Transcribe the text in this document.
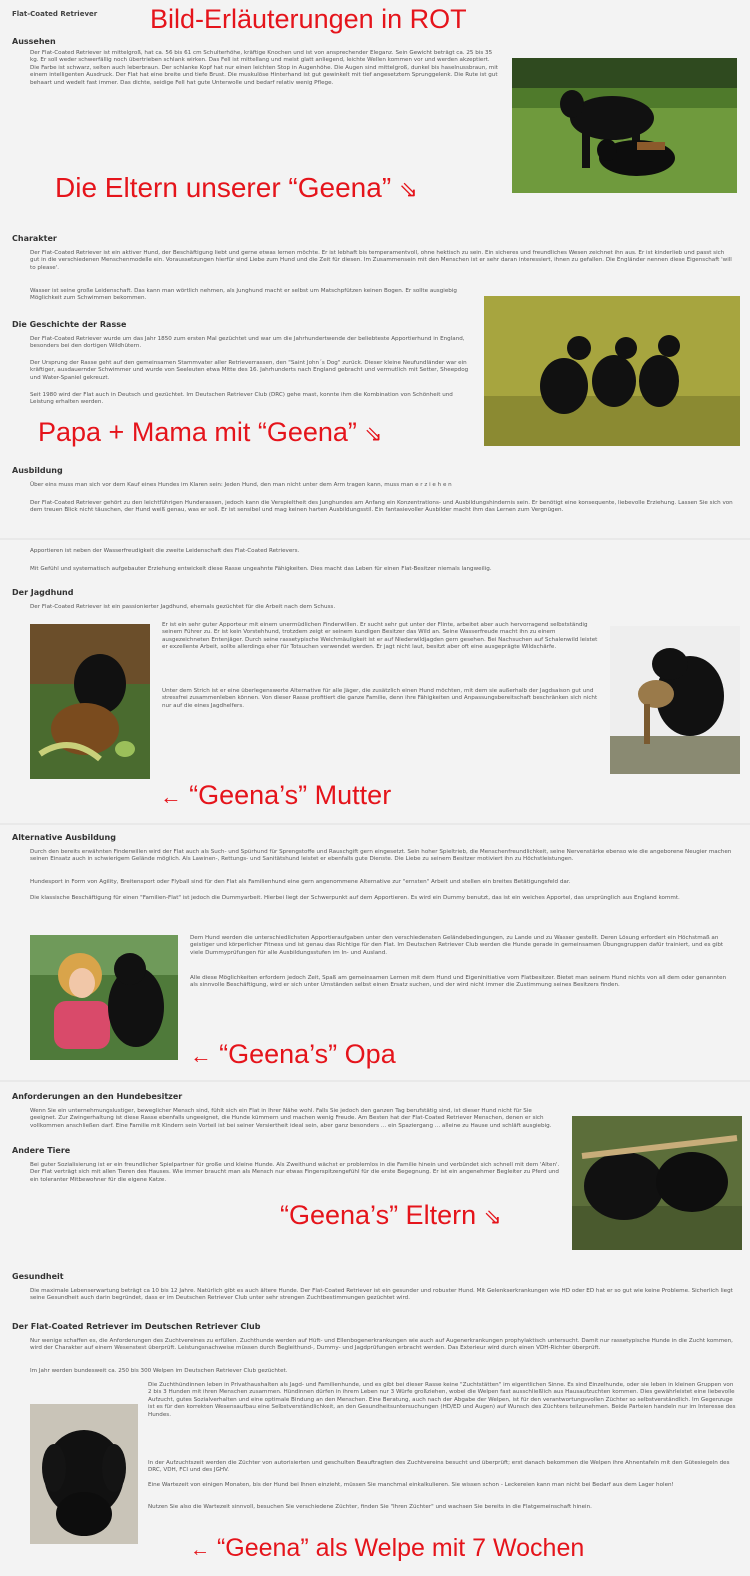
Flat-Coated Retriever Bild-Erläuterungen in ROT
Aussehen

Der Flat-Coated Retriever ist mittelgroß, hat ca. 56 bis 61 cm Schulterhöhe, kräftige Knochen und ist von ansprechender Eleganz. Sein Gewicht beträgt ca. 25 bis 35 kg. Er soll weder schwerfällig noch übertrieben schlank wirken. Das Fell ist mittellang und meist glatt anliegend, leichte Wellen kommen vor und werden akzeptiert. Die Farbe ist schwarz, selten auch leberbraun. Der schlanke Kopf hat nur einen leichten Stop in Augenhöhe. Die Augen sind mittelgroß, dunkel bis haselnussbraun, mit einem intelligenten Ausdruck. Der Flat hat eine breite und tiefe Brust. Die muskulöse Hinterhand ist gut gewinkelt mit tief angesetztem Sprunggelenk. Die Rute ist gut behaart und wedelt fast immer. Das dichte, seidige Fell hat gute Unterwolle und bedarf relativ wenig Pflege.

Die Eltern unserer “Geena” ⇘
Charakter

Der Flat-Coated Retriever ist ein aktiver Hund, der Beschäftigung liebt und gerne etwas lernen möchte. Er ist lebhaft bis temperamentvoll, ohne hektisch zu sein. Ein sicheres und freundliches Wesen zeichnet ihn aus. Er ist kinderlieb und passt sich gut in die verschiedenen Menschenmodelle ein. Voraussetzungen hierfür sind Liebe zum Hund und die Zeit für diesen. Im Zusammensein mit den Menschen ist er sehr daran interessiert, ihnen zu gefallen. Die Engländer nennen diese Eigenschaft 'will to please'.

Wasser ist seine große Leidenschaft. Das kann man wörtlich nehmen, als Junghund macht er selbst um Matschpfützen keinen Bogen. Er sollte ausgiebig Möglichkeit zum Schwimmen bekommen.

Die Geschichte der Rasse

Der Flat-Coated Retriever wurde um das Jahr 1850 zum ersten Mal gezüchtet und war um die Jahrhundertwende der beliebteste Apportierhund in England, besonders bei den dortigen Wildhütern.

Der Ursprung der Rasse geht auf den gemeinsamen Stammvater aller Retrieverrassen, den "Saint John´s Dog" zurück. Dieser kleine Neufundländer war ein kräftiger, ausdauernder Schwimmer und wurde von Seeleuten etwa Mitte des 16. Jahrhunderts nach England gebracht und vermutlich mit Setter, Sheepdog und Water-Spaniel gekreuzt.

Seit 1980 wird der Flat auch in Deutsch und gezüchtet. Im Deutschen Retriever Club (DRC) gehe mast, konnte ihm die Kombination von Schönheit und Leistung erhalten werden.

Papa + Mama mit “Geena” ⇘
Ausbildung

Über eins muss man sich vor dem Kauf eines Hundes im Klaren sein: Jeden Hund, den man nicht unter dem Arm tragen kann, muss man e r z i e h e n

Der Flat-Coated Retriever gehört zu den leichtführigen Hunderassen, jedoch kann die Verspieltheit des Junghundes am Anfang ein Konzentrations- und Ausbildungshindernis sein. Er benötigt eine konsequente, liebevolle Erziehung. Lassen Sie sich von dem treuen Blick nicht täuschen, der Hund weiß genau, was er soll. Er ist sensibel und mag keinen harten Ausbildungsstil. Ein fantasievoller Ausbilder macht ihm das Lernen zum Vergnügen.

Apportieren ist neben der Wasserfreudigkeit die zweite Leidenschaft des Flat-Coated Retrievers.

Mit Gefühl und systematisch aufgebauter Erziehung entwickelt diese Rasse ungeahnte Fähigkeiten. Dies macht das Leben für einen Flat-Besitzer niemals langweilig.

Der Jagdhund

Der Flat-Coated Retriever ist ein passionierter Jagdhund, ehemals gezüchtet für die Arbeit nach dem Schuss.

Er ist ein sehr guter Apporteur mit einem unermüdlichen Finderwillen. Er sucht sehr gut unter der Flinte, arbeitet aber auch hervorragend selbstständig seinem Führer zu. Er ist kein Vorstehhund, trotzdem zeigt er seinem kundigen Besitzer das Wild an. Seine Wasserfreude macht ihn zu einem ausgezeichneten Entenjäger. Durch seine rassetypische Weichmäuligkeit ist er auf Niederwildjagden gern gesehen. Bei Nachsuchen auf Schalenwild leistet er exzellente Arbeit, sollte allerdings eher für Totsuchen verwendet werden. Er jagt nicht laut, besitzt aber oft eine ausgeprägte Wildschärfe.

Unter dem Strich ist er eine überlegenswerte Alternative für alle Jäger, die zusätzlich einen Hund möchten, mit dem sie außerhalb der Jagdsaison gut und stressfrei zusammenleben können. Von dieser Rasse profitiert die ganze Familie, denn ihre Fähigkeiten und Anpassungsbereitschaft beschränken sich nicht nur auf die eines Jagdhelfers.

← “Geena’s” Mutter
Alternative Ausbildung

Durch den bereits erwähnten Finderwillen wird der Flat auch als Such- und Spürhund für Sprengstoffe und Rauschgift gern eingesetzt. Sein hoher Spieltrieb, die Menschenfreundlichkeit, seine Nervenstärke ebenso wie die angeborene Neugier machen seinen Einsatz auch in schwierigem Gelände möglich. Als Lawinen-, Rettungs- und Sanitätshund leistet er ebenfalls gute Dienste. Die Liebe zu seinem Besitzer motiviert ihn zu Höchstleistungen.

Hundesport in Form von Agility, Breitensport oder Flyball sind für den Flat als Familienhund eine gern angenommene Alternative zur "ernsten" Arbeit und stellen ein breites Betätigungsfeld dar.

Die klassische Beschäftigung für einen "Familien-Flat" ist jedoch die Dummyarbeit. Hierbei liegt der Schwerpunkt auf dem Apportieren. Es wird ein Dummy benutzt, das ist ein weiches Apportel, das ursprünglich aus England kommt.

Dem Hund werden die unterschiedlichsten Apportieraufgaben unter den verschiedensten Geländebedingungen, zu Lande und zu Wasser gestellt. Deren Lösung erfordert ein Höchstmaß an geistiger und körperlicher Fitness und ist genau das Richtige für den Flat. Im Deutschen Retriever Club werden die Hunde gerade in gemeinsamen Übungsgruppen dafür trainiert, und es gibt viele Dummyprüfungen für alle Ausbildungsstufen im In- und Ausland.

Alle diese Möglichkeiten erfordern jedoch Zeit, Spaß am gemeinsamen Lernen mit dem Hund und Eigeninitiative vom Flatbesitzer. Bietet man seinem Hund nichts von all dem oder genannten als sinnvolle Beschäftigung, wird er sich unter Umständen selbst einen Ersatz suchen, und der wird nicht immer die Zustimmung seines Besitzers finden.

← “Geena’s” Opa
Anforderungen an den Hundebesitzer

Wenn Sie ein unternehmungslustiger, beweglicher Mensch sind, fühlt sich ein Flat in Ihrer Nähe wohl. Falls Sie jedoch den ganzen Tag berufstätig sind, ist dieser Hund nicht für Sie geeignet. Zur Zwingerhaltung ist diese Rasse ebenfalls ungeeignet, die Hunde kümmern und machen wenig Freude. Am Besten hat der Flat-Coated Retriever Menschen, denen er sich vollkommen anschließen darf. Eine Familie mit Kindern sein Vorteil ist bei seiner Versiertheit ideal sein, aber ganz besonders ... ein Spaziergang ... alleine zu Hause und schläft ausgiebig.

Andere Tiere

Bei guter Sozialisierung ist er ein freundlicher Spielpartner für große und kleine Hunde. Als Zweithund wächst er problemlos in die Familie hinein und verbündet sich schnell mit dem 'Alten'. Der Flat verträgt sich mit allen Tieren des Hauses. Wie immer braucht man als Mensch nur etwas Fingerspitzengefühl für die erste Begegnung. Er ist ein angenehmer Begleiter zu Pferd und ein toleranter Mitbewohner für die eigene Katze.

“Geena’s” Eltern ⇘
Gesundheit

Die maximale Lebenserwartung beträgt ca 10 bis 12 Jahre. Natürlich gibt es auch ältere Hunde. Der Flat-Coated Retriever ist ein gesunder und robuster Hund. Mit Gelenkserkrankungen wie HD oder ED hat er so gut wie keine Probleme. Sicherlich liegt seine Gesundheit auch darin begründet, dass er im Deutschen Retriever Club unter sehr strengen Zuchtbestimmungen gezüchtet wird.

Der Flat-Coated Retriever im Deutschen Retriever Club

Nur wenige schaffen es, die Anforderungen des Zuchtvereines zu erfüllen. Zuchthunde werden auf Hüft- und Ellenbogenerkrankungen wie auch auf Augenerkrankungen prophylaktisch untersucht. Damit nur rassetypische Hunde in die Zucht kommen, wird der Charakter auf einem Wesenstest überprüft. Leistungsnachweise müssen durch Begleithund-, Dummy- und Jagdprüfungen erbracht werden. Das Exterieur wird durch einen VDH-Richter überprüft.

Im Jahr werden bundesweit ca. 250 bis 300 Welpen im Deutschen Retriever Club gezüchtet.

Die Zuchthündinnen leben in Privathaushalten als Jagd- und Familienhunde, und es gibt bei dieser Rasse keine "Zuchtstätten" im eigentlichen Sinne. Es sind Einzelhunde, oder sie leben in kleinen Gruppen von 2 bis 3 Hunden mit ihren Menschen zusammen. Hündinnen dürfen in ihrem Leben nur 3 Würfe großziehen, wobei die Welpen fast ausschließlich aus Hausaufzuchten kommen. Dies gewährleistet eine liebevolle Aufzucht, gutes Sozialverhalten und eine optimale Bindung an den Menschen. Eine Beratung, auch nach der Abgabe der Welpen, ist für den verantwortungsvollen Züchter so selbstverständlich. Im Gegenzuge ist es für den korrekten Wesensaufbau eine Selbstverständlichkeit, an den Gesundheitsuntersuchungen (HD/ED und Augen) auf Wunsch des Züchters teilzunehmen. Beide Parteien handeln nur im Interesse des Hundes.

In der Aufzuchtszeit werden die Züchter von autorisierten und geschulten Beauftragten des Zuchtvereins besucht und überprüft; erst danach bekommen die Welpen ihre Ahnentafeln mit den Gütesiegeln des DRC, VDH, FCI und des JGHV.

Eine Wartezeit von einigen Monaten, bis der Hund bei Ihnen einzieht, müssen Sie manchmal einkalkulieren. Sie wissen schon - Leckereien kann man nicht bei Bedarf aus dem Lager holen!

Nutzen Sie also die Wartezeit sinnvoll, besuchen Sie verschiedene Züchter, finden Sie "Ihren Züchter" und wachsen Sie bereits in die Flatgemeinschaft hinein.

← “Geena” als Welpe mit 7 Wochen
